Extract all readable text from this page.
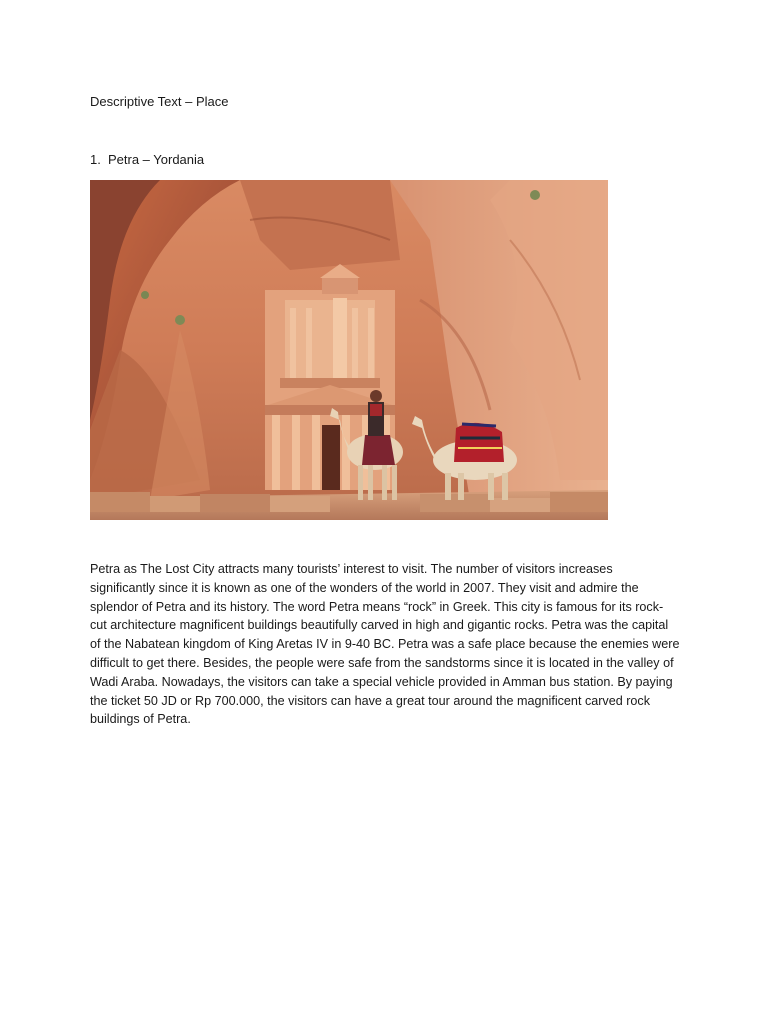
Descriptive Text – Place
1. Petra – Yordania

Petra as The Lost City attracts many tourists’ interest to visit. The number of visitors increases significantly since it is known as one of the wonders of the world in 2007. They visit and admire the splendor of Petra and its history. The word Petra means “rock” in Greek. This city is famous for its rock-cut architecture magnificent buildings beautifully carved in high and gigantic rocks. Petra was the capital of the Nabatean kingdom of King Aretas IV in 9-40 BC. Petra was a safe place because the enemies were difficult to get there. Besides, the people were safe from the sandstorms since it is located in the valley of Wadi Araba. Nowadays, the visitors can take a special vehicle provided in Amman bus station. By paying the ticket 50 JD or Rp 700.000, the visitors can have a great tour around the magnificent carved rock buildings of Petra.
